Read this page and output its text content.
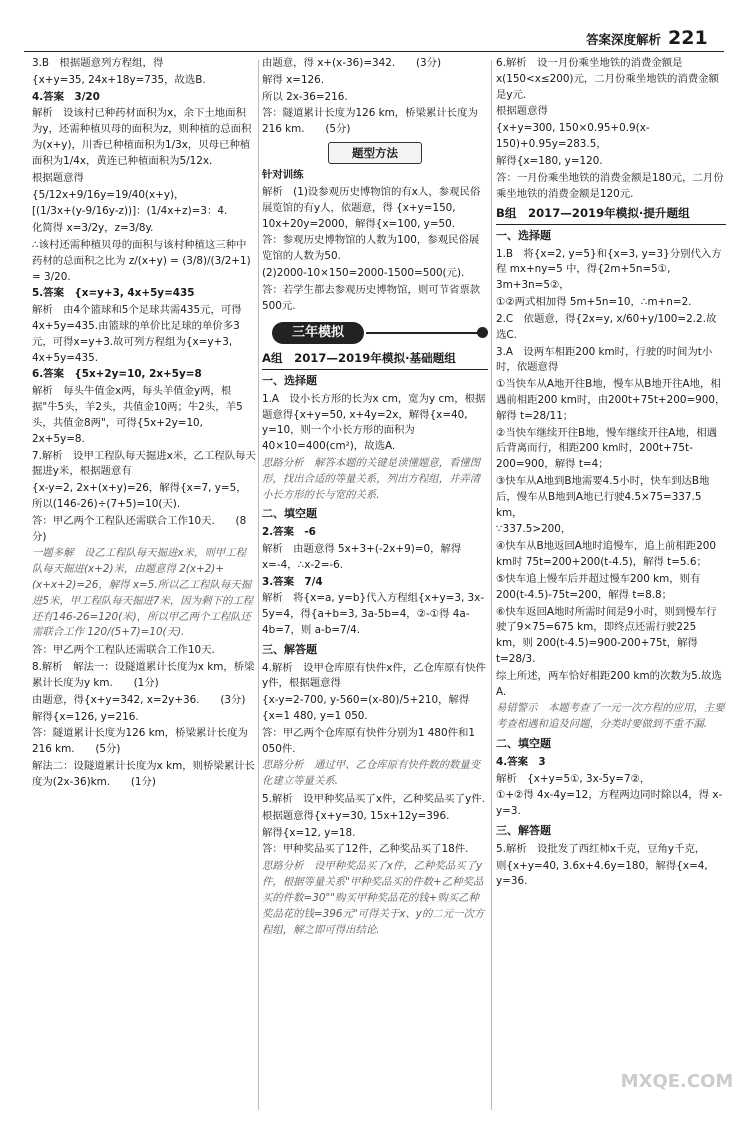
答案深度解析 221

3.B　根据题意列方程组，得

{x+y=35, 24x+18y=735，故选B.

4.答案　3/20

解析　设该村已种药材面积为x，余下土地面积为y，还需种植贝母的面积为z，则种植的总面积为(x+y)，川香已种植面积为1/3x，贝母已种植面积为1/4x，黄连已种植面积为5/12x.

根据题意得

{5/12x+9/16y=19/40(x+y)，

[(1/3x+(y-9/16y-z))]：(1/4x+z)=3：4.

化简得 x=3/2y，z=3/8y.

∴该村还需种植贝母的面积与该村种植这三种中药材的总面积之比为 z/(x+y) = (3/8)/(3/2+1) = 3/20.

5.答案　{x=y+3, 4x+5y=435

解析　由4个篮球和5个足球共需435元，可得4x+5y=435.由篮球的单价比足球的单价多3元，可得x=y+3.故可列方程组为{x=y+3, 4x+5y=435.

6.答案　{5x+2y=10, 2x+5y=8

解析　每头牛值金x两，每头羊值金y两，根据"牛5头，羊2头，共值金10两；牛2头，羊5头，共值金8两"，可得{5x+2y=10, 2x+5y=8.

7.解析　设甲工程队每天掘进x米，乙工程队每天掘进y米，根据题意有

{x-y=2, 2x+(x+y)=26，解得{x=7, y=5，所以(146-26)÷(7+5)=10(天).

答：甲乙两个工程队还需联合工作10天.　　(8分)

一题多解　设乙工程队每天掘进x米，则甲工程队每天掘进(x+2)米，由题意得 2(x+2)+(x+x+2)=26，解得 x=5.所以乙工程队每天掘进5米，甲工程队每天掘进7米，因为剩下的工程还有146-26=120(米)，所以甲乙两个工程队还需联合工作 120/(5+7)=10(天).

答：甲乙两个工程队还需联合工作10天.

8.解析　解法一：设隧道累计长度为x km，桥梁累计长度为y km.　　(1分)

由题意，得{x+y=342, x=2y+36.　　(3分)

解得{x=126, y=216.

答：隧道累计长度为126 km，桥梁累计长度为216 km.　　(5分)

解法二：设隧道累计长度为x km，则桥梁累计长度为(2x-36)km.　　(1分)

由题意，得 x+(x-36)=342.　　(3分)

解得 x=126.

所以 2x-36=216.

答：隧道累计长度为126 km，桥梁累计长度为216 km.　　(5分)

题型方法

针对训练

解析　(1)设参观历史博物馆的有x人，参观民俗展览馆的有y人，依题意，得 {x+y=150, 10x+20y=2000，解得{x=100, y=50.

答：参观历史博物馆的人数为100，参观民俗展览馆的人数为50.

(2)2000-10×150=2000-1500=500(元).

答：若学生都去参观历史博物馆，则可节省票款500元.

三年模拟
A组　2017—2019年模拟·基础题组

一、选择题

1.A　设小长方形的长为x cm，宽为y cm，根据题意得{x+y=50, x+4y=2x，解得{x=40, y=10，则一个小长方形的面积为40×10=400(cm²)，故选A.

思路分析　解答本题的关键是读懂题意，看懂图形，找出合适的等量关系，列出方程组，并弄清小长方形的长与宽的关系.

二、填空题

2.答案　-6

解析　由题意得 5x+3+(-2x+9)=0，解得 x=-4，∴x-2=-6.

3.答案　7/4

解析　将{x=a, y=b}代入方程组{x+y=3, 3x-5y=4，得{a+b=3, 3a-5b=4，②-①得 4a-4b=7，则 a-b=7/4.

三、解答题

4.解析　设甲仓库原有快件x件，乙仓库原有快件y件，根据题意得

{x-y=2-700, y-560=(x-80)/5+210，解得{x=1 480, y=1 050.

答：甲乙两个仓库原有快件分别为1 480件和1 050件.

思路分析　通过甲、乙仓库原有快件数的数量变化建立等量关系.

5.解析　设甲种奖品买了x件，乙种奖品买了y件.

根据题意得{x+y=30, 15x+12y=396.

解得{x=12, y=18.

答：甲种奖品买了12件，乙种奖品买了18件.

思路分析　设甲种奖品买了x件，乙种奖品买了y件，根据等量关系"甲种奖品买的件数+乙种奖品买的件数=30""购买甲种奖品花的钱+购买乙种奖品花的钱=396元"可得关于x、y的二元一次方程组，解之即可得出结论.

6.解析　设一月份乘坐地铁的消费金额是x(150<x≤200)元，二月份乘坐地铁的消费金额是y元.

根据题意得

{x+y=300, 150×0.95+0.9(x-150)+0.95y=283.5，

解得{x=180, y=120.

答：一月份乘坐地铁的消费金额是180元，二月份乘坐地铁的消费金额是120元.

B组　2017—2019年模拟·提升题组

一、选择题

1.B　将{x=2, y=5}和{x=3, y=3}分别代入方程 mx+ny=5 中，得{2m+5n=5①, 3m+3n=5②，

①②两式相加得 5m+5n=10，∴m+n=2.

2.C　依题意，得{2x=y, x/60+y/100=2.2.故选C.

3.A　设两车相距200 km时，行驶的时间为t小时，依题意得

①当快车从A地开往B地，慢车从B地开往A地，相遇前相距200 km时，由200t+75t+200=900，解得 t=28/11；

②当快车继续开往B地，慢车继续开往A地，相遇后背离而行，相距200 km时，200t+75t-200=900，解得 t=4；

③快车从A地到B地需要4.5小时，快车到达B地后，慢车从B地到A地已行驶4.5×75=337.5 km，

∵337.5>200，

④快车从B地返回A地时追慢车，追上前相距200 km时 75t=200+200(t-4.5)，解得 t=5.6；

⑤快车追上慢车后并超过慢车200 km，则有 200(t-4.5)-75t=200，解得 t=8.8；

⑥快车返回A地时所需时间是9小时，则到慢车行驶了9×75=675 km，即终点还需行驶225 km，则 200(t-4.5)=900-200+75t，解得 t=28/3.

综上所述，两车恰好相距200 km的次数为5.故选A.

易错警示　本题考查了一元一次方程的应用，主要考查相遇和追及问题，分类时要做到不重不漏.

二、填空题

4.答案　3

解析　{x+y=5①, 3x-5y=7②，

①+②得 4x-4y=12，方程两边同时除以4，得 x-y=3.

三、解答题

5.解析　设批发了西红柿x千克，豆角y千克，

则{x+y=40, 3.6x+4.6y=180，解得{x=4, y=36.

MXQE.COM
